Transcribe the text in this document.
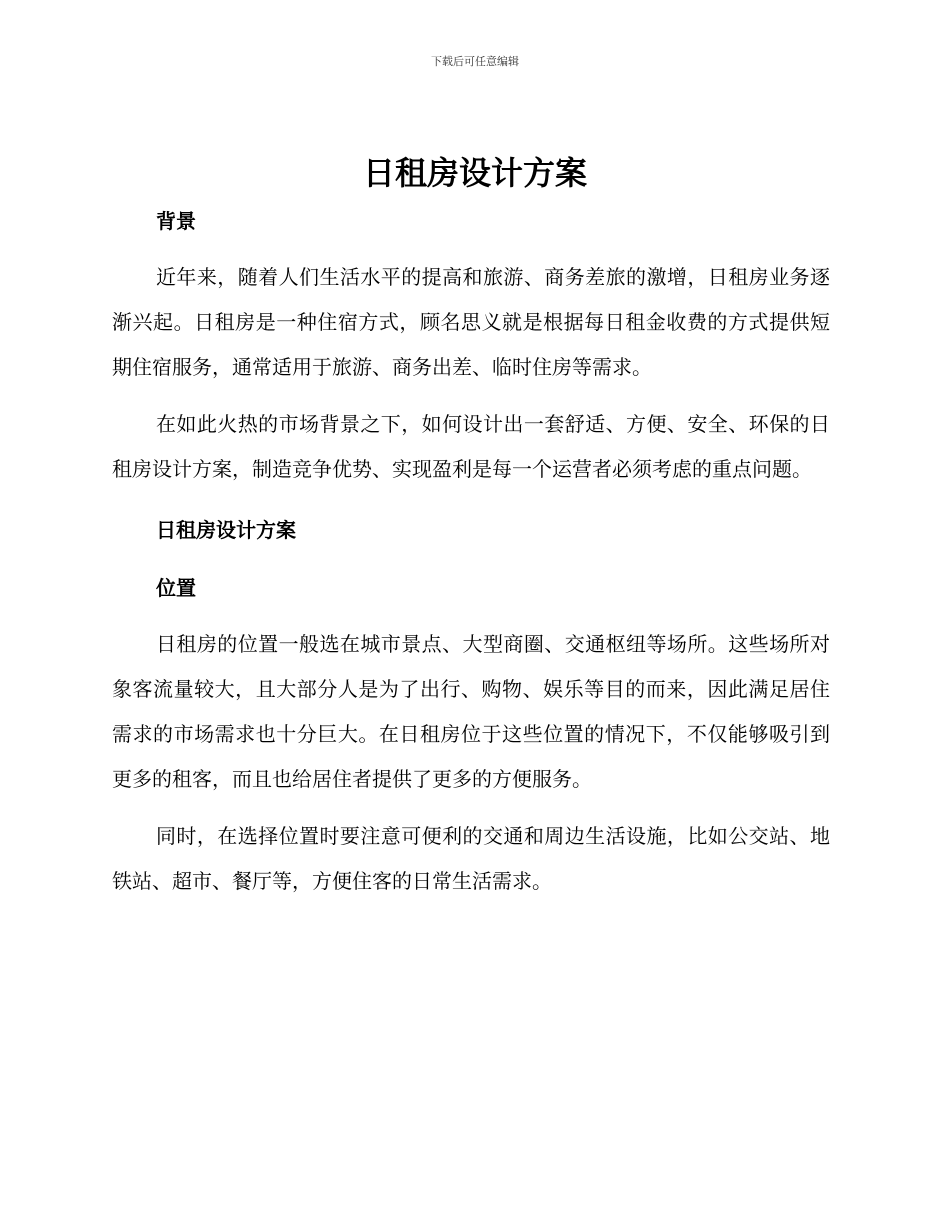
下载后可任意编辑
日租房设计方案
背景

近年来，随着人们生活水平的提高和旅游、商务差旅的激增，日租房业务逐渐兴起。日租房是一种住宿方式，顾名思义就是根据每日租金收费的方式提供短期住宿服务，通常适用于旅游、商务出差、临时住房等需求。

在如此火热的市场背景之下，如何设计出一套舒适、方便、安全、环保的日租房设计方案，制造竞争优势、实现盈利是每一个运营者必须考虑的重点问题。

日租房设计方案
位置

日租房的位置一般选在城市景点、大型商圈、交通枢纽等场所。这些场所对象客流量较大，且大部分人是为了出行、购物、娱乐等目的而来，因此满足居住需求的市场需求也十分巨大。在日租房位于这些位置的情况下，不仅能够吸引到更多的租客，而且也给居住者提供了更多的方便服务。

同时，在选择位置时要注意可便利的交通和周边生活设施，比如公交站、地铁站、超市、餐厅等，方便住客的日常生活需求。
